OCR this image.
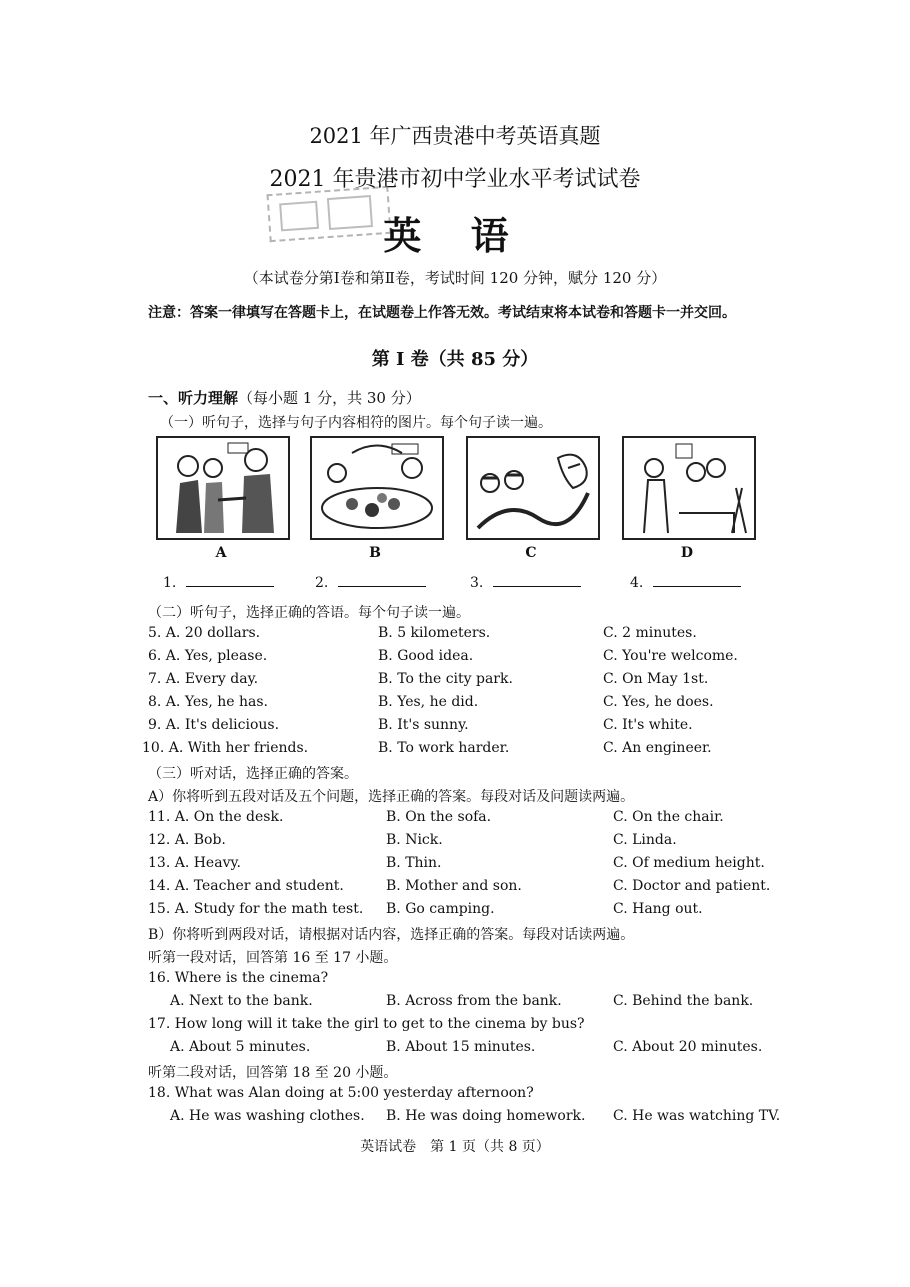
2021 年广西贵港中考英语真题
2021 年贵港市初中学业水平考试试卷
英 语
（本试卷分第Ⅰ卷和第Ⅱ卷，考试时间 120 分钟，赋分 120 分）
注意：答案一律填写在答题卡上，在试题卷上作答无效。考试结束将本试卷和答题卡一并交回。
第 Ⅰ 卷（共 85 分）
一、听力理解（每小题 1 分，共 30 分）
（一）听句子，选择与句子内容相符的图片。每个句子读一遍。
A	B	C	D
1.	2.	3.	4.
（二）听句子，选择正确的答语。每个句子读一遍。
5. A. 20 dollars.	B. 5 kilometers.	C. 2 minutes.
6. A. Yes, please.	B. Good idea.	C. You're welcome.
7. A. Every day.	B. To the city park.	C. On May 1st.
8. A. Yes, he has.	B. Yes, he did.	C. Yes, he does.
9. A. It's delicious.	B. It's sunny.	C. It's white.
10. A. With her friends.	B. To work harder.	C. An engineer.
（三）听对话，选择正确的答案。
A）你将听到五段对话及五个问题，选择正确的答案。每段对话及问题读两遍。
11. A. On the desk.	B. On the sofa.	C. On the chair.
12. A. Bob.	B. Nick.	C. Linda.
13. A. Heavy.	B. Thin.	C. Of medium height.
14. A. Teacher and student.	B. Mother and son.	C. Doctor and patient.
15. A. Study for the math test. B. Go camping.	C. Hang out.
B）你将听到两段对话，请根据对话内容，选择正确的答案。每段对话读两遍。
听第一段对话，回答第 16 至 17 小题。
16. Where is the cinema?
A. Next to the bank.	B. Across from the bank.	C. Behind the bank.
17. How long will it take the girl to get to the cinema by bus?
A. About 5 minutes.	B. About 15 minutes.	C. About 20 minutes.
听第二段对话，回答第 18 至 20 小题。
18. What was Alan doing at 5:00 yesterday afternoon?
A. He was washing clothes. B. He was doing homework. C. He was watching TV.
英语试卷　第 1 页（共 8 页）
